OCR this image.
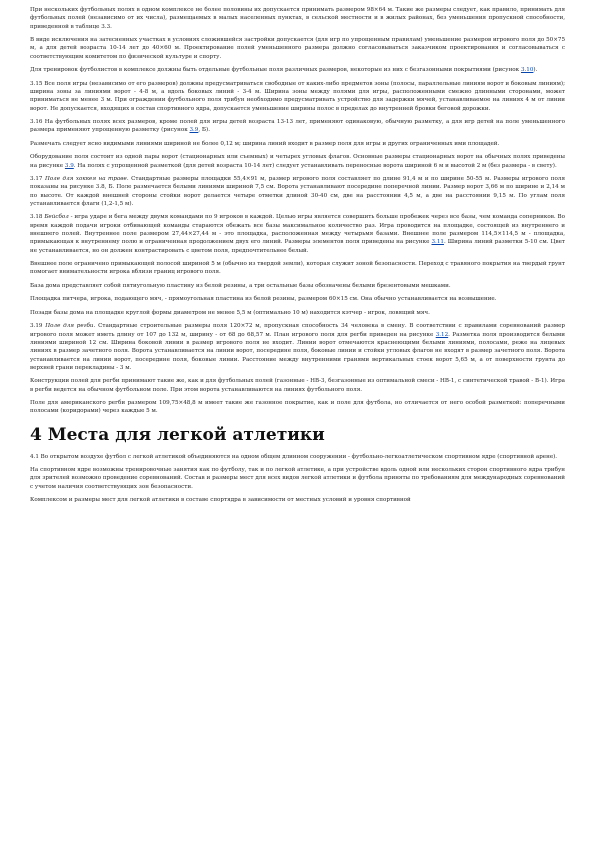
При нескольких футбольных полях в одном комплексе не более половины их допускается принимать размером 98×64 м. Такие же размеры следует, как правило, принимать для футбольных полей (независимо от их числа), размещаемых в малых населенных пунктах, в сельской местности и в жилых районах, без уменьшения пропускной способности, приведенной в таблице 3.3.

В виде исключения на затесненных участках в условиях сложившейся застройки допускается (для игр по упрощенным правилам) уменьшение размеров игрового поля до 50×75 м, а для детей возраста 10-14 лет до 40×60 м. Проектирование полей уменьшенного размера должно согласовываться заказчиком проектирования и согласовываться с соответствующим комитетом по физической культуре и спорту.

Для тренировок футболистов в комплексе должны быть отдельные футбольные поля различных размеров, некоторые из них с безгазонными покрытиями (рисунок 3.10).

3.15 Все поля игры (независимо от его размеров) должны предусматриваться свободные от каких-либо предметов зоны (полосы, параллельные линиям ворот и боковым линиям); ширина зоны за линиями ворот - 4-8 м, а вдоль боковых линий - 3-4 м. Ширина зоны между полями для игры, расположенными смежно длинными сторонами, может приниматься не менее 3 м. При ограждении футбольного поля трибун необходимо предусматривать устройство для задержки мячей, устанавливаемое на линиях 4 м от линии ворот. Не допускается, входящих в состав спортивного ядра, допускается уменьшение ширины полос в пределах до внутренней бровки беговой дорожки.

3.16 На футбольных полях всех размеров, кроме полей для игры детей возраста 13-13 лет, применяют одинаковую, обычную разметку, а для игр детей на поле уменьшенного размера применяют упрощенную разметку (рисунок 3.9, Б).

Размечать следует ясно видимыми линиями шириной не более 0,12 м; ширина линий входит в размер поля для игры и других ограниченных ими площадей.

Оборудование поля состоит из одной пары ворот (стационарных или съемных) и четырех угловых флагов. Основные размеры стационарных ворот на обычных полях приведены на рисунке 3.9. На полях с упрощенной разметкой (для детей возраста 10-14 лет) следует устанавливать переносные ворота шириной 6 м и высотой 2 м (без размера - в свету).

3.17 Поле для хоккея на траве. Стандартные размеры площадки 55,4×91 м, размер игрового поля составляет по длине 91,4 м и по ширине 50-55 м. Размеры игрового поля показаны на рисунке 3.8, Б. Поле размечается белыми линиями шириной 7,5 см. Ворота устанавливают посередине поперечной линии. Размер ворот 3,66 м по ширине и 2,14 м по высоте. От каждой внешней стороны стойки ворот делается четыре отметки длиной 30-40 см, две на расстоянии 4,5 м, а две на расстоянии 9,15 м. По углам поля устанавливается флаги (1,2-1,5 м).

3.18 Бейсбол - игра ударе и бега между двумя командами по 9 игроков в каждой. Целью игры является совершить больше пробежек через все базы, чем команда соперников. Во время каждой подачи игроки отбивающей команды стараются обежать все базы максимальное количество раз. Игра проводится на площадке, состоящей из внутреннего и внешнего полей. Внутреннее поле размером 27,44×27,44 м - это площадка, расположенная между четырьмя базами. Внешнее поле размером 114,5×114,5 м - площадка, примыкающая к внутреннему полю и ограниченная продолжением двух его линий. Размеры элементов поля приведены на рисунке 3.11. Ширина линий разметки 5-10 см. Цвет не устанавливается, но он должен контрастировать с цветом поля, предпочтительнее белый.

Внешнее поле ограничено примыкающей полосой шириной 5 м (обычно из твердой земли), которая служит зоной безопасности. Переход с травяного покрытия на твердый грунт помогает внимательности игрока вблизи границ игрового поля.

База дома представляет собой пятиугольную пластину из белой резины, а три остальные базы обозначены белыми брезентовыми мешками.

Площадка питчера, игрока, подающего мяч, - прямоугольная пластина из белой резины, размером 60×15 см. Она обычно устанавливается на возвышение.

Позади базы дома на площадке круглой формы диаметром не менее 5,5 м (оптимально 10 м) находится кэтчер - игрок, ловящий мяч.

3.19 Поле для регби. Стандартные строительные размеры поля 120×72 м, пропускная способность 34 человека в смену. В соответствии с правилами соревнований размер игрового поля может иметь длину от 107 до 132 м, ширину - от 68 до 68,57 м. План игрового поля для регби приведен на рисунке 3.12. Разметка поля производится белыми линиями шириной 12 см. Ширина боковой линии в размер игрового поля не входит. Линии ворот отмечаются краснеющими белыми линиями, полосами, реже на лицевых линиях в размер зачетного поля. Ворота устанавливается на линии ворот, посередине поля, боковые линии и стойки угловых флагов не входят в размер зачетного поля. Ворота устанавливается на линии ворот, посередине поля, боковые линии. Расстояние между внутренними гранями вертикальных стоек ворот 5,65 м, а от поверхности грунта до верхней грани перекладины - 3 м.

Конструкции полей для регби принимают такие же, как и для футбольных полей (газонные - НВ-3, безгазонные из оптимальной смеси - НВ-1, с синтетической травой - В-1). Игра в регби ведется на обычном футбольном поле. При этом ворота устанавливаются на линиях футбольного поля.

Поле для американского регби размером 109,75×48,8 м имеет такие же газонное покрытие, как и поле для футбола, но отличается от него особой разметкой: поперечными полосами (коридорами) через каждые 5 м.

4 Места для легкой атлетики

4.1 Во открытом воздухе футбол с легкой атлетикой объединяются на одном общем длинном сооружении - футбольно-легкоатлетическом спортивном ядре (спортивной арене).

На спортивном ядре возможны тренировочные занятия как по футболу, так и по легкой атлетике, а при устройстве вдоль одной или нескольких сторон спортивного ядра трибун для зрителей возможно проведение соревнований. Состав и размеры мест для всех видов легкой атлетики и футбола приняты по требованиям для международных соревнований с учетом наличия соответствующих зон безопасности.

Комплексом и размеры мест для легкой атлетики в составе спортядра в зависимости от местных условий и уровня спортивной
